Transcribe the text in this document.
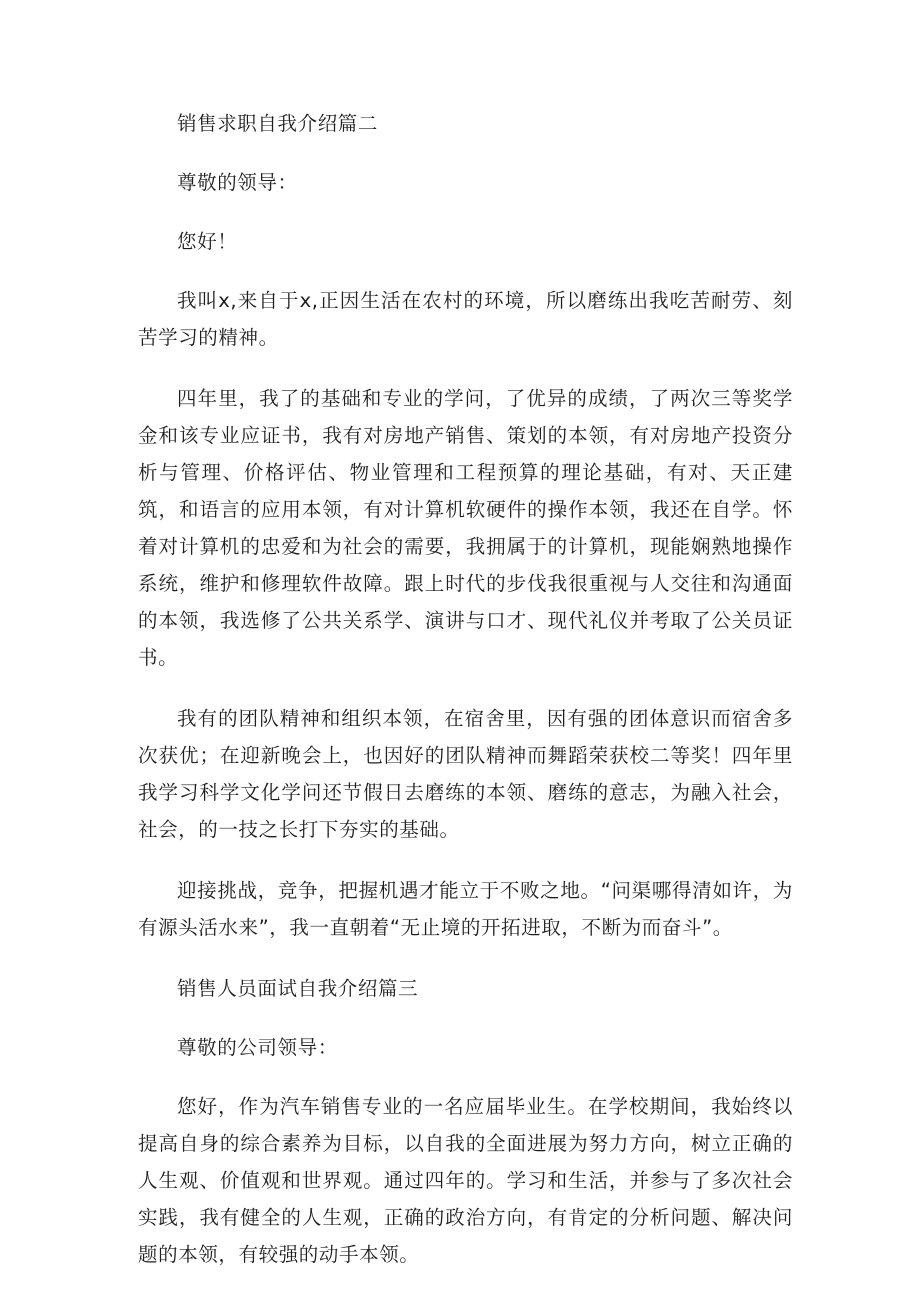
销售求职自我介绍篇二

尊敬的领导：

您好！

我叫x,来自于x,正因生活在农村的环境，所以磨练出我吃苦耐劳、刻苦学习的精神。

四年里，我了的基础和专业的学问，了优异的成绩，了两次三等奖学金和该专业应证书，我有对房地产销售、策划的本领，有对房地产投资分析与管理、价格评估、物业管理和工程预算的理论基础，有对、天正建筑，和语言的应用本领，有对计算机软硬件的操作本领，我还在自学。怀着对计算机的忠爱和为社会的需要，我拥属于的计算机，现能娴熟地操作系统，维护和修理软件故障。跟上时代的步伐我很重视与人交往和沟通面的本领，我选修了公共关系学、演讲与口才、现代礼仪并考取了公关员证书。

我有的团队精神和组织本领，在宿舍里，因有强的团体意识而宿舍多次获优；在迎新晚会上，也因好的团队精神而舞蹈荣获校二等奖！四年里我学习科学文化学问还节假日去磨练的本领、磨练的意志，为融入社会，社会，的一技之长打下夯实的基础。

迎接挑战，竞争，把握机遇才能立于不败之地。“问渠哪得清如许，为有源头活水来”，我一直朝着“无止境的开拓进取，不断为而奋斗”。

销售人员面试自我介绍篇三

尊敬的公司领导：

您好，作为汽车销售专业的一名应届毕业生。在学校期间，我始终以提高自身的综合素养为目标，以自我的全面进展为努力方向，树立正确的人生观、价值观和世界观。通过四年的。学习和生活，并参与了多次社会实践，我有健全的人生观，正确的政治方向，有肯定的分析问题、解决问题的本领，有较强的动手本领。
